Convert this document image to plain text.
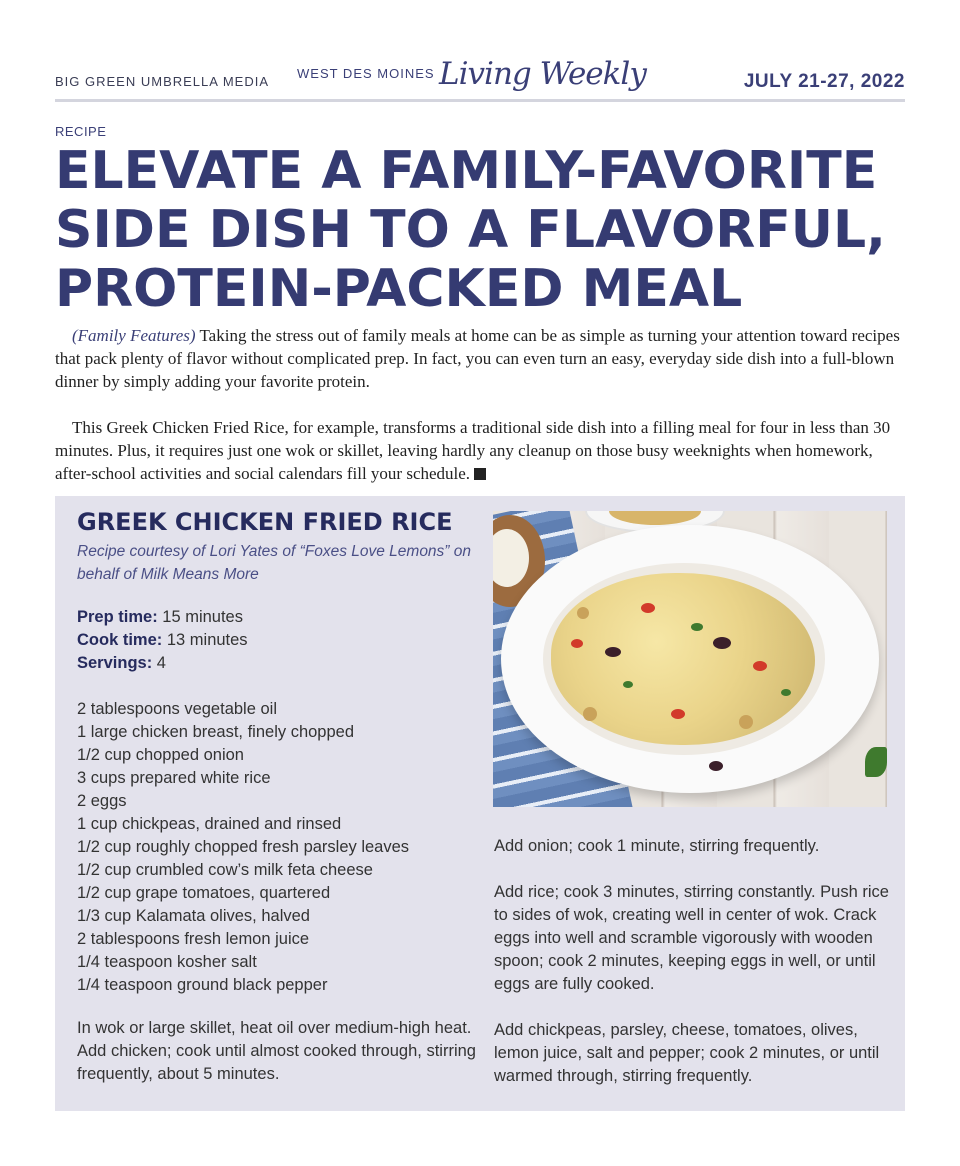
BIG GREEN UMBRELLA MEDIA
$^{WEST DES MOINES}$ Living Weekly	JULY 21-27, 2022
RECIPE
ELEVATE A FAMILY-FAVORITE SIDE DISH TO A FLAVORFUL, PROTEIN-PACKED MEAL

(Family Features) Taking the stress out of family meals at home can be as simple as turning your attention toward recipes that pack plenty of flavor without complicated prep. In fact, you can even turn an easy, everyday side dish into a full-blown dinner by simply adding your favorite protein.

This Greek Chicken Fried Rice, for example, transforms a traditional side dish into a filling meal for four in less than 30 minutes. Plus, it requires just one wok or skillet, leaving hardly any cleanup on those busy weeknights when homework, after-school activities and social calendars fill your schedule.

GREEK CHICKEN FRIED RICE
Recipe courtesy of Lori Yates of “Foxes Love Lemons” on behalf of Milk Means More
Prep time: 15 minutes
Cook time: 13 minutes
Servings: 4
2 tablespoons vegetable oil
1 large chicken breast, finely chopped
1/2 cup chopped onion
3 cups prepared white rice
2 eggs
1 cup chickpeas, drained and rinsed
1/2 cup roughly chopped fresh parsley leaves
1/2 cup crumbled cow’s milk feta cheese
1/2 cup grape tomatoes, quartered
1/3 cup Kalamata olives, halved
2 tablespoons fresh lemon juice
1/4 teaspoon kosher salt
1/4 teaspoon ground black pepper

In wok or large skillet, heat oil over medium-high heat. Add chicken; cook until almost cooked through, stirring frequently, about 5 minutes.

Add onion; cook 1 minute, stirring frequently.

Add rice; cook 3 minutes, stirring constantly. Push rice to sides of wok, creating well in center of wok. Crack eggs into well and scramble vigorously with wooden spoon; cook 2 minutes, keeping eggs in well, or until eggs are fully cooked.

Add chickpeas, parsley, cheese, tomatoes, olives, lemon juice, salt and pepper; cook 2 minutes, or until warmed through, stirring frequently.
